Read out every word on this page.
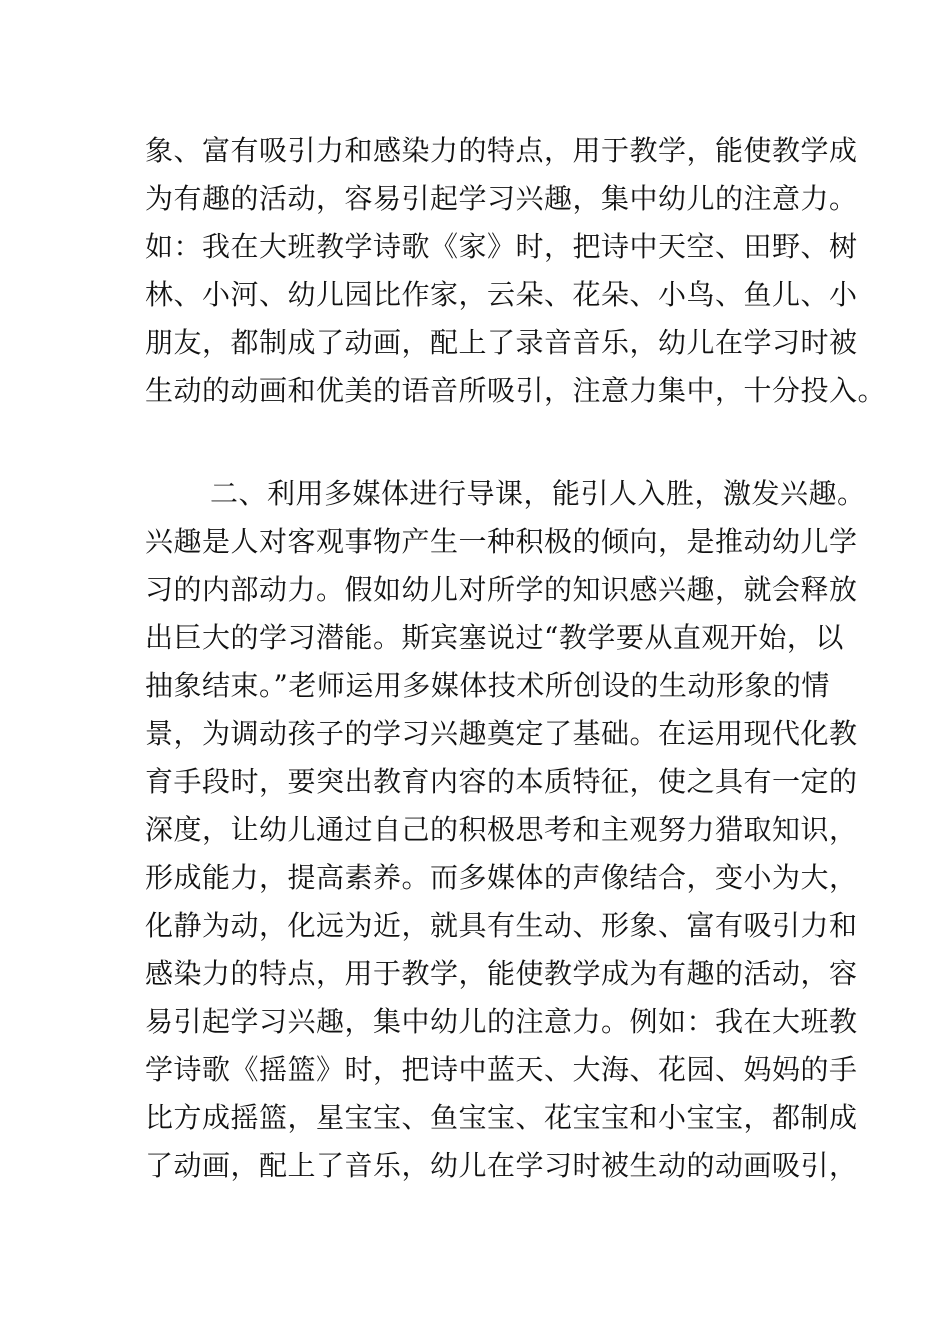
象、富有吸引力和感染力的特点，用于教学，能使教学成
为有趣的活动，容易引起学习兴趣，集中幼儿的注意力。
如：我在大班教学诗歌《家》时，把诗中天空、田野、树
林、小河、幼儿园比作家，云朵、花朵、小鸟、鱼儿、小
朋友，都制成了动画，配上了录音音乐，幼儿在学习时被
生动的动画和优美的语音所吸引，注意力集中，十分投入。
二、利用多媒体进行导课，能引人入胜，激发兴趣。
兴趣是人对客观事物产生一种积极的倾向，是推动幼儿学
习的内部动力。假如幼儿对所学的知识感兴趣，就会释放
出巨大的学习潜能。斯宾塞说过“教学要从直观开始，以
抽象结束。”老师运用多媒体技术所创设的生动形象的情
景，为调动孩子的学习兴趣奠定了基础。在运用现代化教
育手段时，要突出教育内容的本质特征，使之具有一定的
深度，让幼儿通过自己的积极思考和主观努力猎取知识，
形成能力，提高素养。而多媒体的声像结合，变小为大，
化静为动，化远为近，就具有生动、形象、富有吸引力和
感染力的特点，用于教学，能使教学成为有趣的活动，容
易引起学习兴趣，集中幼儿的注意力。例如：我在大班教
学诗歌《摇篮》时，把诗中蓝天、大海、花园、妈妈的手
比方成摇篮，星宝宝、鱼宝宝、花宝宝和小宝宝，都制成
了动画，配上了音乐，幼儿在学习时被生动的动画吸引，
